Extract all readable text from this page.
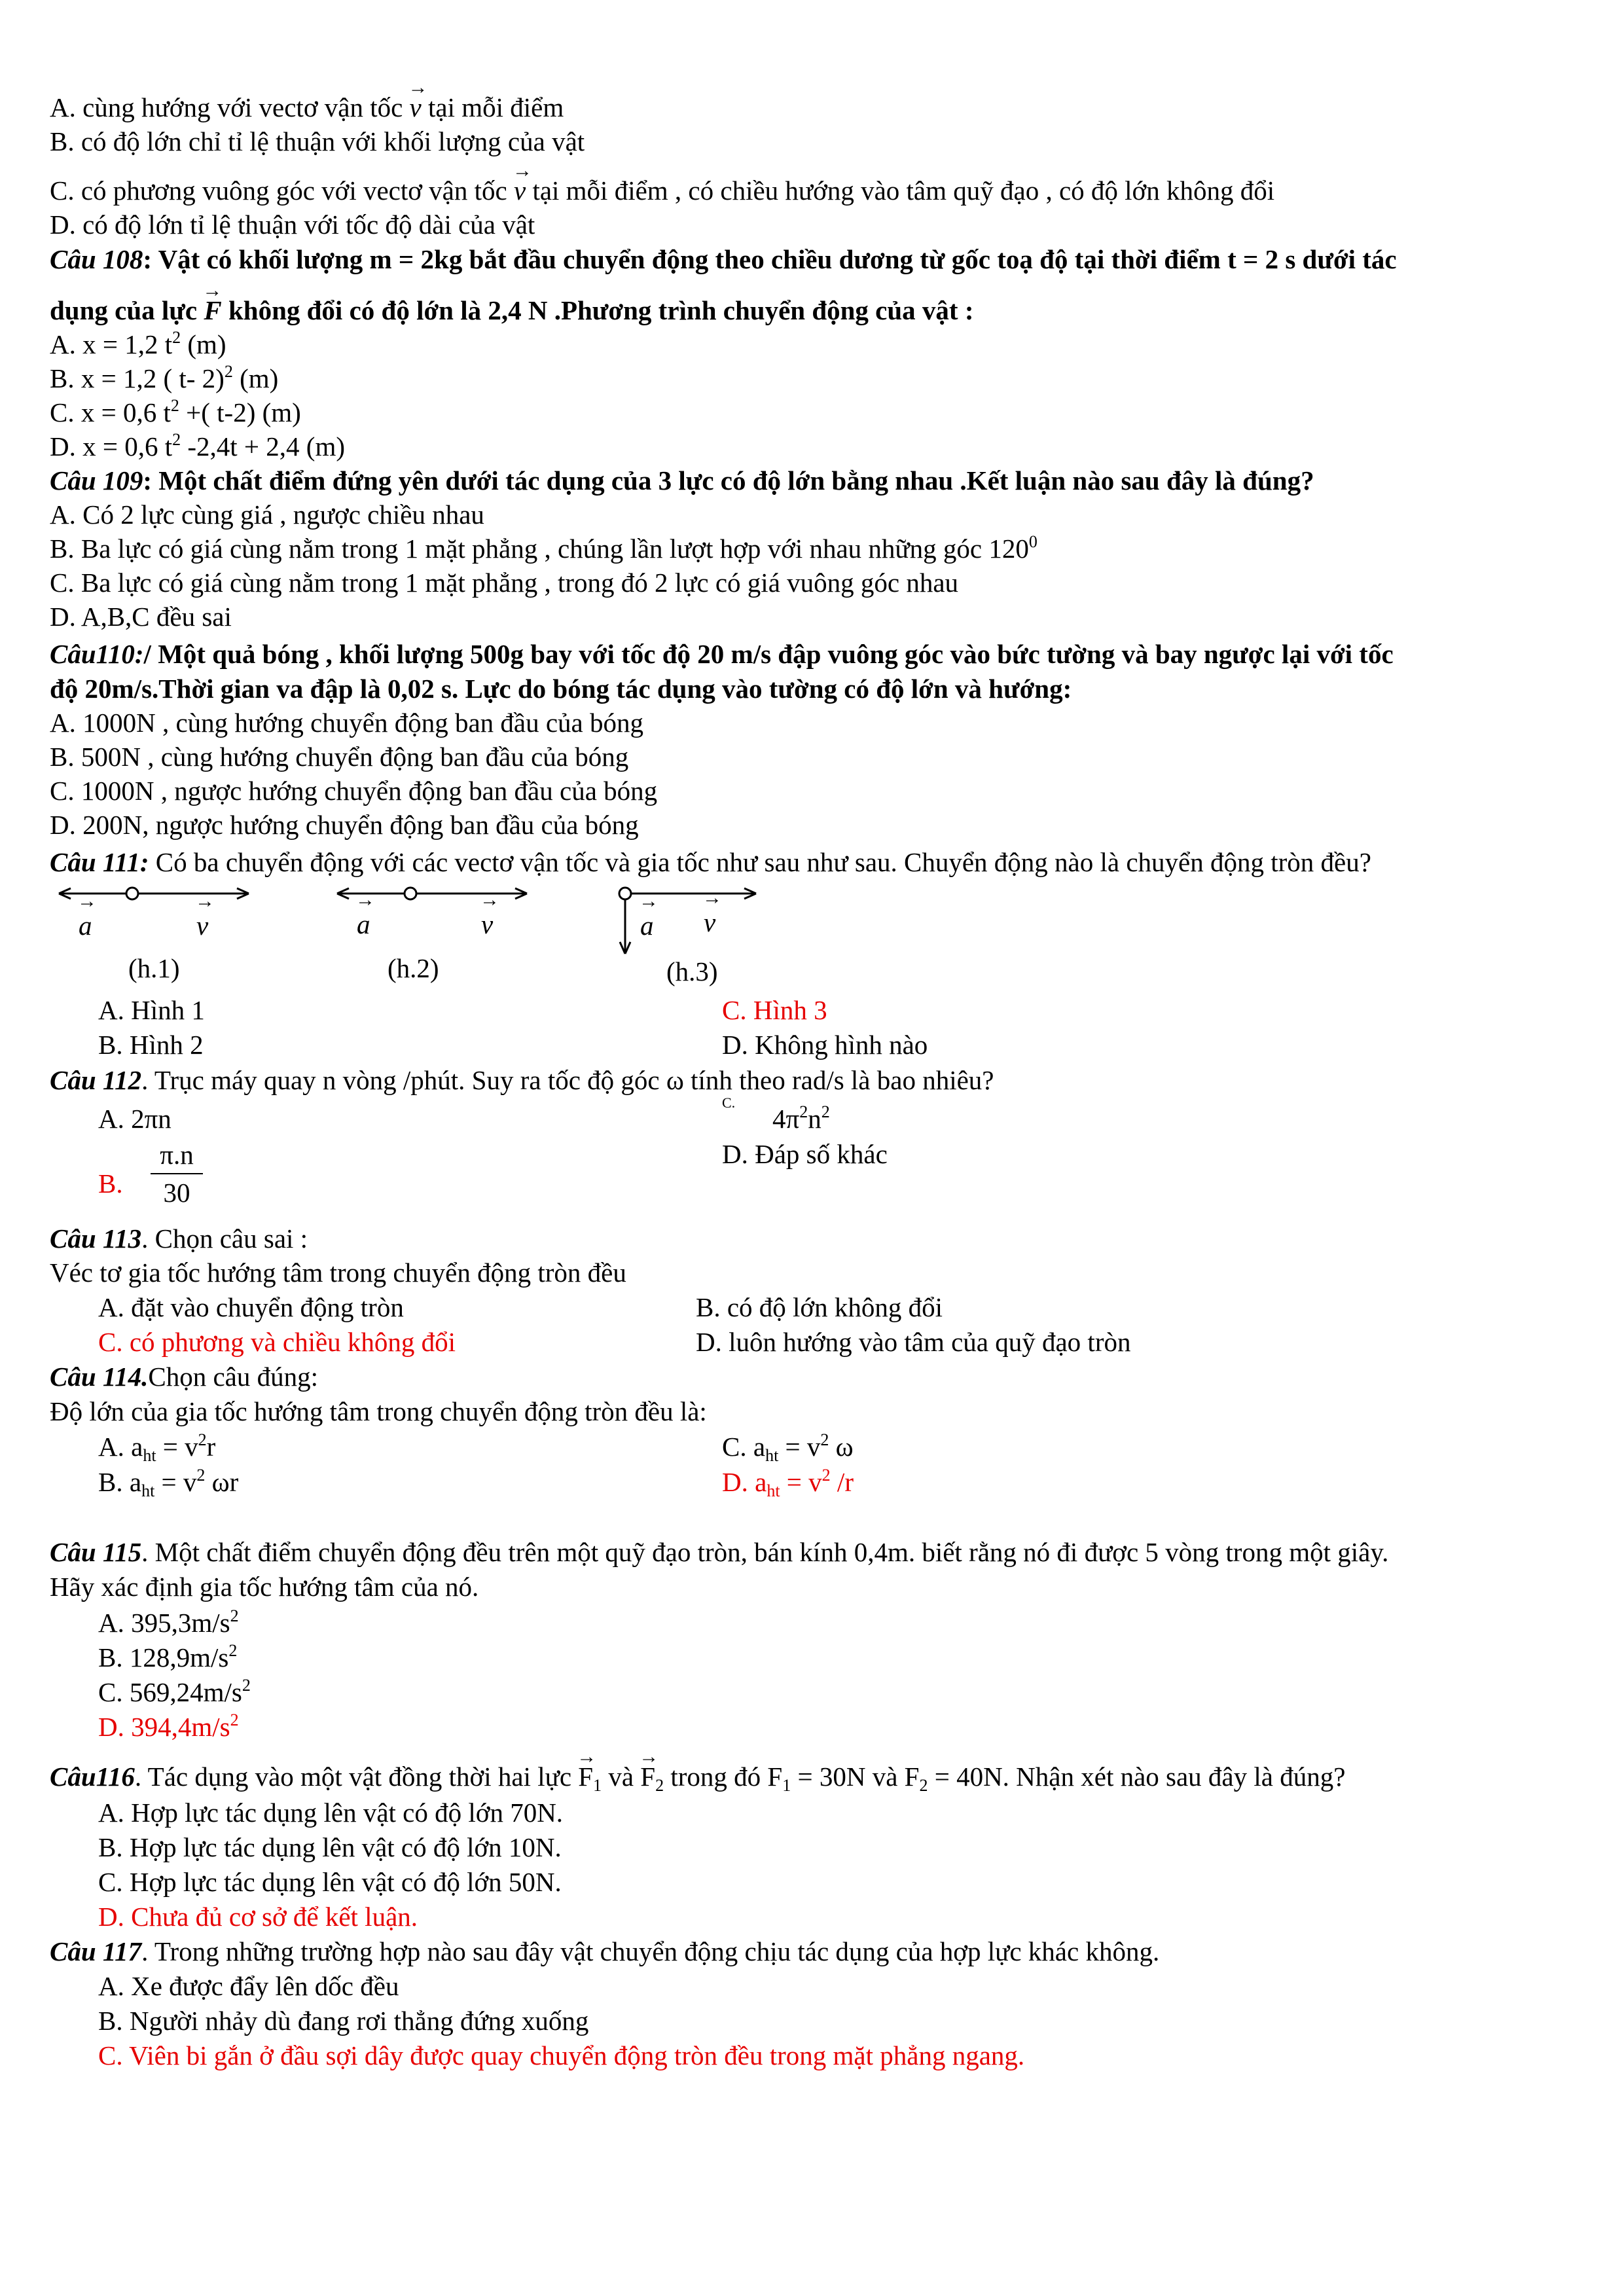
A. cùng hướng với vectơ vận tốc → v tại mỗi điểm
B. có độ lớn chỉ tỉ lệ thuận với khối lượng của vật
C. có phương vuông góc với vectơ vận tốc → v tại mỗi điểm , có chiều hướng vào tâm quỹ đạo , có độ lớn không đổi
D. có độ lớn tỉ lệ thuận với tốc độ dài của vật
Câu 108: Vật có khối lượng m = 2kg bắt đầu chuyển động theo chiều dương từ gốc toạ độ tại thời điểm t = 2 s dưới tác
dụng của lực → F không đổi có độ lớn là 2,4 N .Phương trình chuyển động của vật :
A. x = 1,2 $t^2$ (m)
B. x = 1,2 ( t- 2)$^2$ (m)
C. x = 0,6 $t^2$ +( t-2) (m)
D. x = 0,6 $t^2$ -2,4t + 2,4 (m)
Câu 109: Một chất điểm đứng yên dưới tác dụng của 3 lực có độ lớn bằng nhau .Kết luận nào sau đây là đúng?
A. Có 2 lực cùng giá , ngược chiều nhau
B. Ba lực có giá cùng nằm trong 1 mặt phẳng , chúng lần lượt hợp với nhau những góc $120^0$
C. Ba lực có giá cùng nằm trong 1 mặt phẳng , trong đó 2 lực có giá vuông góc nhau
D. A,B,C đều sai
Câu110:/ Một quả bóng , khối lượng 500g bay với tốc độ 20 m/s đập vuông góc vào bức tường và bay ngược lại với tốc
độ 20m/s.Thời gian va đập là 0,02 s. Lực do bóng tác dụng vào tường có độ lớn và hướng:
A. 1000N , cùng hướng chuyển động ban đầu của bóng
B. 500N , cùng hướng chuyển động ban đầu của bóng
C. 1000N , ngược hướng chuyển động ban đầu của bóng
D. 200N, ngược hướng chuyển động ban đầu của bóng
Câu 111: Có ba chuyển động với các vectơ vận tốc và gia tốc như sau như sau. Chuyển động nào là chuyển động tròn đều?
→ a	→ v
(h.1)
→ a	→ v
(h.2)
→ a → v
(h.3)
A. Hình 1	C. Hình 3
B. Hình 2	D. Không hình nào
Câu 112. Trục máy quay n vòng /phút. Suy ra tốc độ góc ω tính theo rad/s là bao nhiêu?
A. 2πn
C.
$4\pi^2n^2$
D. Đáp số khác
B.
π.n
30
Câu 113. Chọn câu sai :
Véc tơ gia tốc hướng tâm trong chuyển động tròn đều
A. đặt vào chuyển động tròn	B. có độ lớn không đổi
C. có phương và chiều không đổi	D. luôn hướng vào tâm của quỹ đạo tròn
Câu 114.Chọn câu đúng:
Độ lớn của gia tốc hướng tâm trong chuyển động tròn đều là:
A. $a_{ht} = v^2r$	C. $a_{ht} = v^2$ ω
B. $a_{ht} = v^2$ ωr	D. $a_{ht} = v^2$ /r
Câu 115. Một chất điểm chuyển động đều trên một quỹ đạo tròn, bán kính 0,4m. biết rằng nó đi được 5 vòng trong một giây.
Hãy xác định gia tốc hướng tâm của nó.
A. $395,3m/s^2$
B. $128,9m/s^2$
C. $569,24m/s^2$
D. $394,4m/s^2$
Câu116. Tác dụng vào một vật đồng thời hai lực → $F_1$ và → $F_2$ trong đó $F_1 = 30N$ và $F_2 = 40N$. Nhận xét nào sau đây là đúng?
A. Hợp lực tác dụng lên vật có độ lớn 70N.
B. Hợp lực tác dụng lên vật có độ lớn 10N.
C. Hợp lực tác dụng lên vật có độ lớn 50N.
D. Chưa đủ cơ sở để kết luận.
Câu 117. Trong những trường hợp nào sau đây vật chuyển động chịu tác dụng của hợp lực khác không.
A. Xe được đẩy lên dốc đều
B. Người nhảy dù đang rơi thẳng đứng xuống
C. Viên bi gắn ở đầu sợi dây được quay chuyển động tròn đều trong mặt phẳng ngang.
